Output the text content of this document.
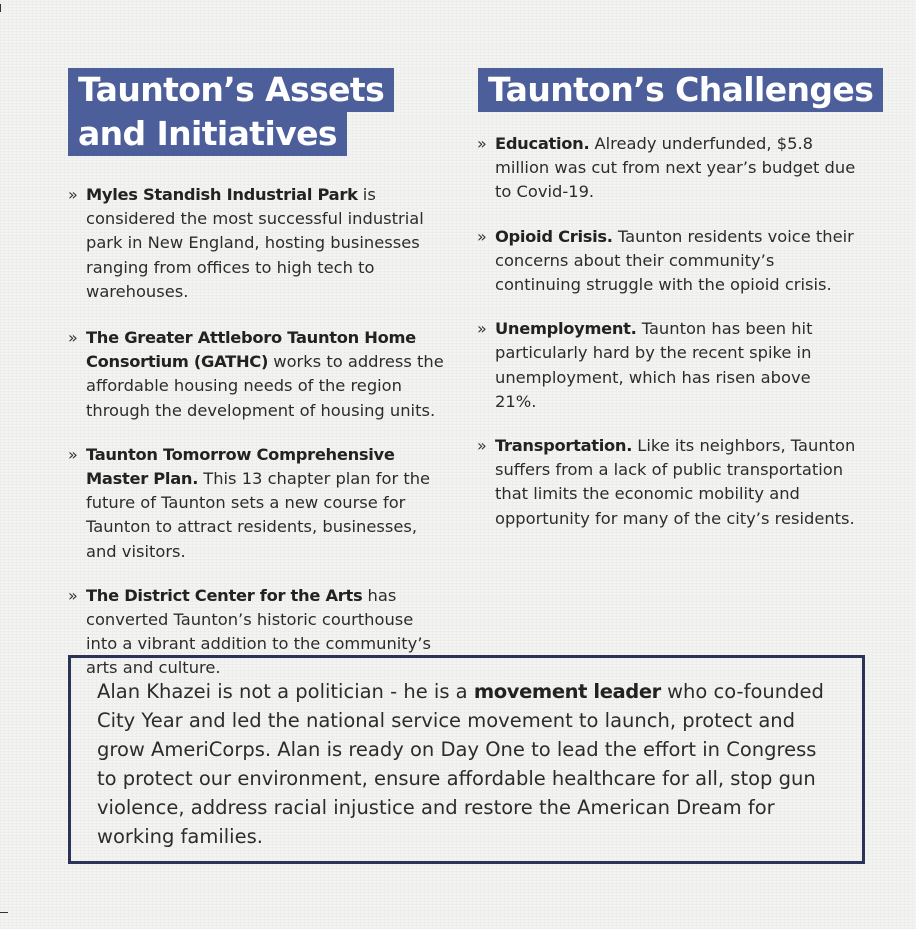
Taunton’s Assets
and Initiatives
Taunton’s Challenges
» Myles Standish Industrial Park is considered the most successful industrial park in New England, hosting businesses ranging from offices to high tech to warehouses.
» The Greater Attleboro Taunton Home Consortium (GATHC) works to address the affordable housing needs of the region through the development of housing units.
» Taunton Tomorrow Comprehensive Master Plan. This 13 chapter plan for the future of Taunton sets a new course for Taunton to attract residents, businesses, and visitors.
» The District Center for the Arts has converted Taunton’s historic courthouse into a vibrant addition to the community’s arts and culture.
» Education. Already underfunded, $5.8 million was cut from next year’s budget due to Covid-19.
» Opioid Crisis. Taunton residents voice their concerns about their community’s continuing struggle with the opioid crisis.
» Unemployment. Taunton has been hit particularly hard by the recent spike in unemployment, which has risen above 21%.
» Transportation. Like its neighbors, Taunton suffers from a lack of public transportation that limits the economic mobility and opportunity for many of the city’s residents.
Alan Khazei is not a politician - he is a movement leader who co-founded City Year and led the national service movement to launch, protect and grow AmeriCorps. Alan is ready on Day One to lead the effort in Congress to protect our environment, ensure affordable healthcare for all, stop gun violence, address racial injustice and restore the American Dream for working families.
